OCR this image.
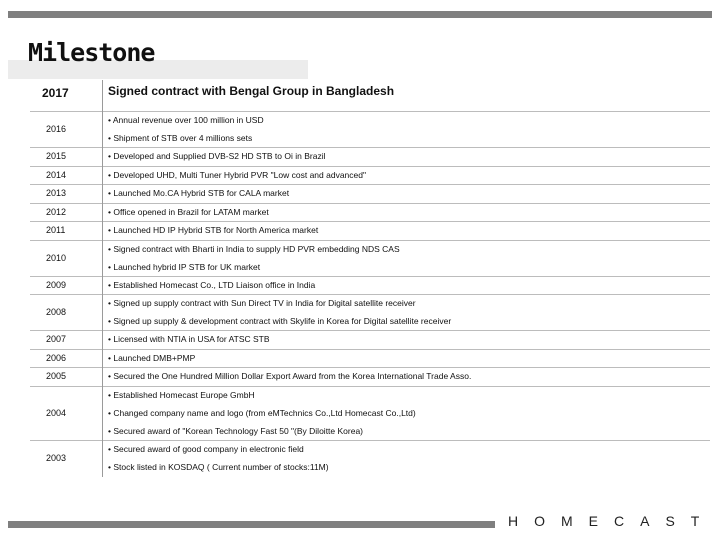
Milestone
2017	Signed contract with Bengal Group in Bangladesh
2016
• Annual revenue over 100 million in USD
• Shipment of STB over 4 millions sets
2015	• Developed and Supplied DVB-S2 HD STB to Oi in Brazil
2014	• Developed UHD, Multi Tuner Hybrid PVR "Low cost and advanced"
2013	• Launched Mo.CA Hybrid STB for CALA market
2012	• Office opened in Brazil for LATAM market
2011	• Launched HD IP Hybrid STB for North America market
2010
• Signed contract with Bharti in India to supply HD PVR embedding NDS CAS
• Launched hybrid IP STB for UK market
2009	• Established Homecast Co., LTD Liaison office in India
2008
• Signed up supply contract with Sun Direct TV in India for Digital satellite receiver
• Signed up supply & development contract with Skylife in Korea for Digital satellite receiver
2007	• Licensed with NTIA in USA for ATSC STB
2006	• Launched DMB+PMP
2005	• Secured the One Hundred Million Dollar Export Award from the Korea International Trade Asso.
2004
• Established Homecast Europe GmbH
• Changed company name and logo (from eMTechnics Co.,Ltd Homecast Co.,Ltd)
• Secured award of "Korean Technology Fast 50 "(By Diloitte Korea)
2003
• Secured award of good company in electronic field
• Stock listed in KOSDAQ ( Current number of stocks:11M)
HOMECAST
